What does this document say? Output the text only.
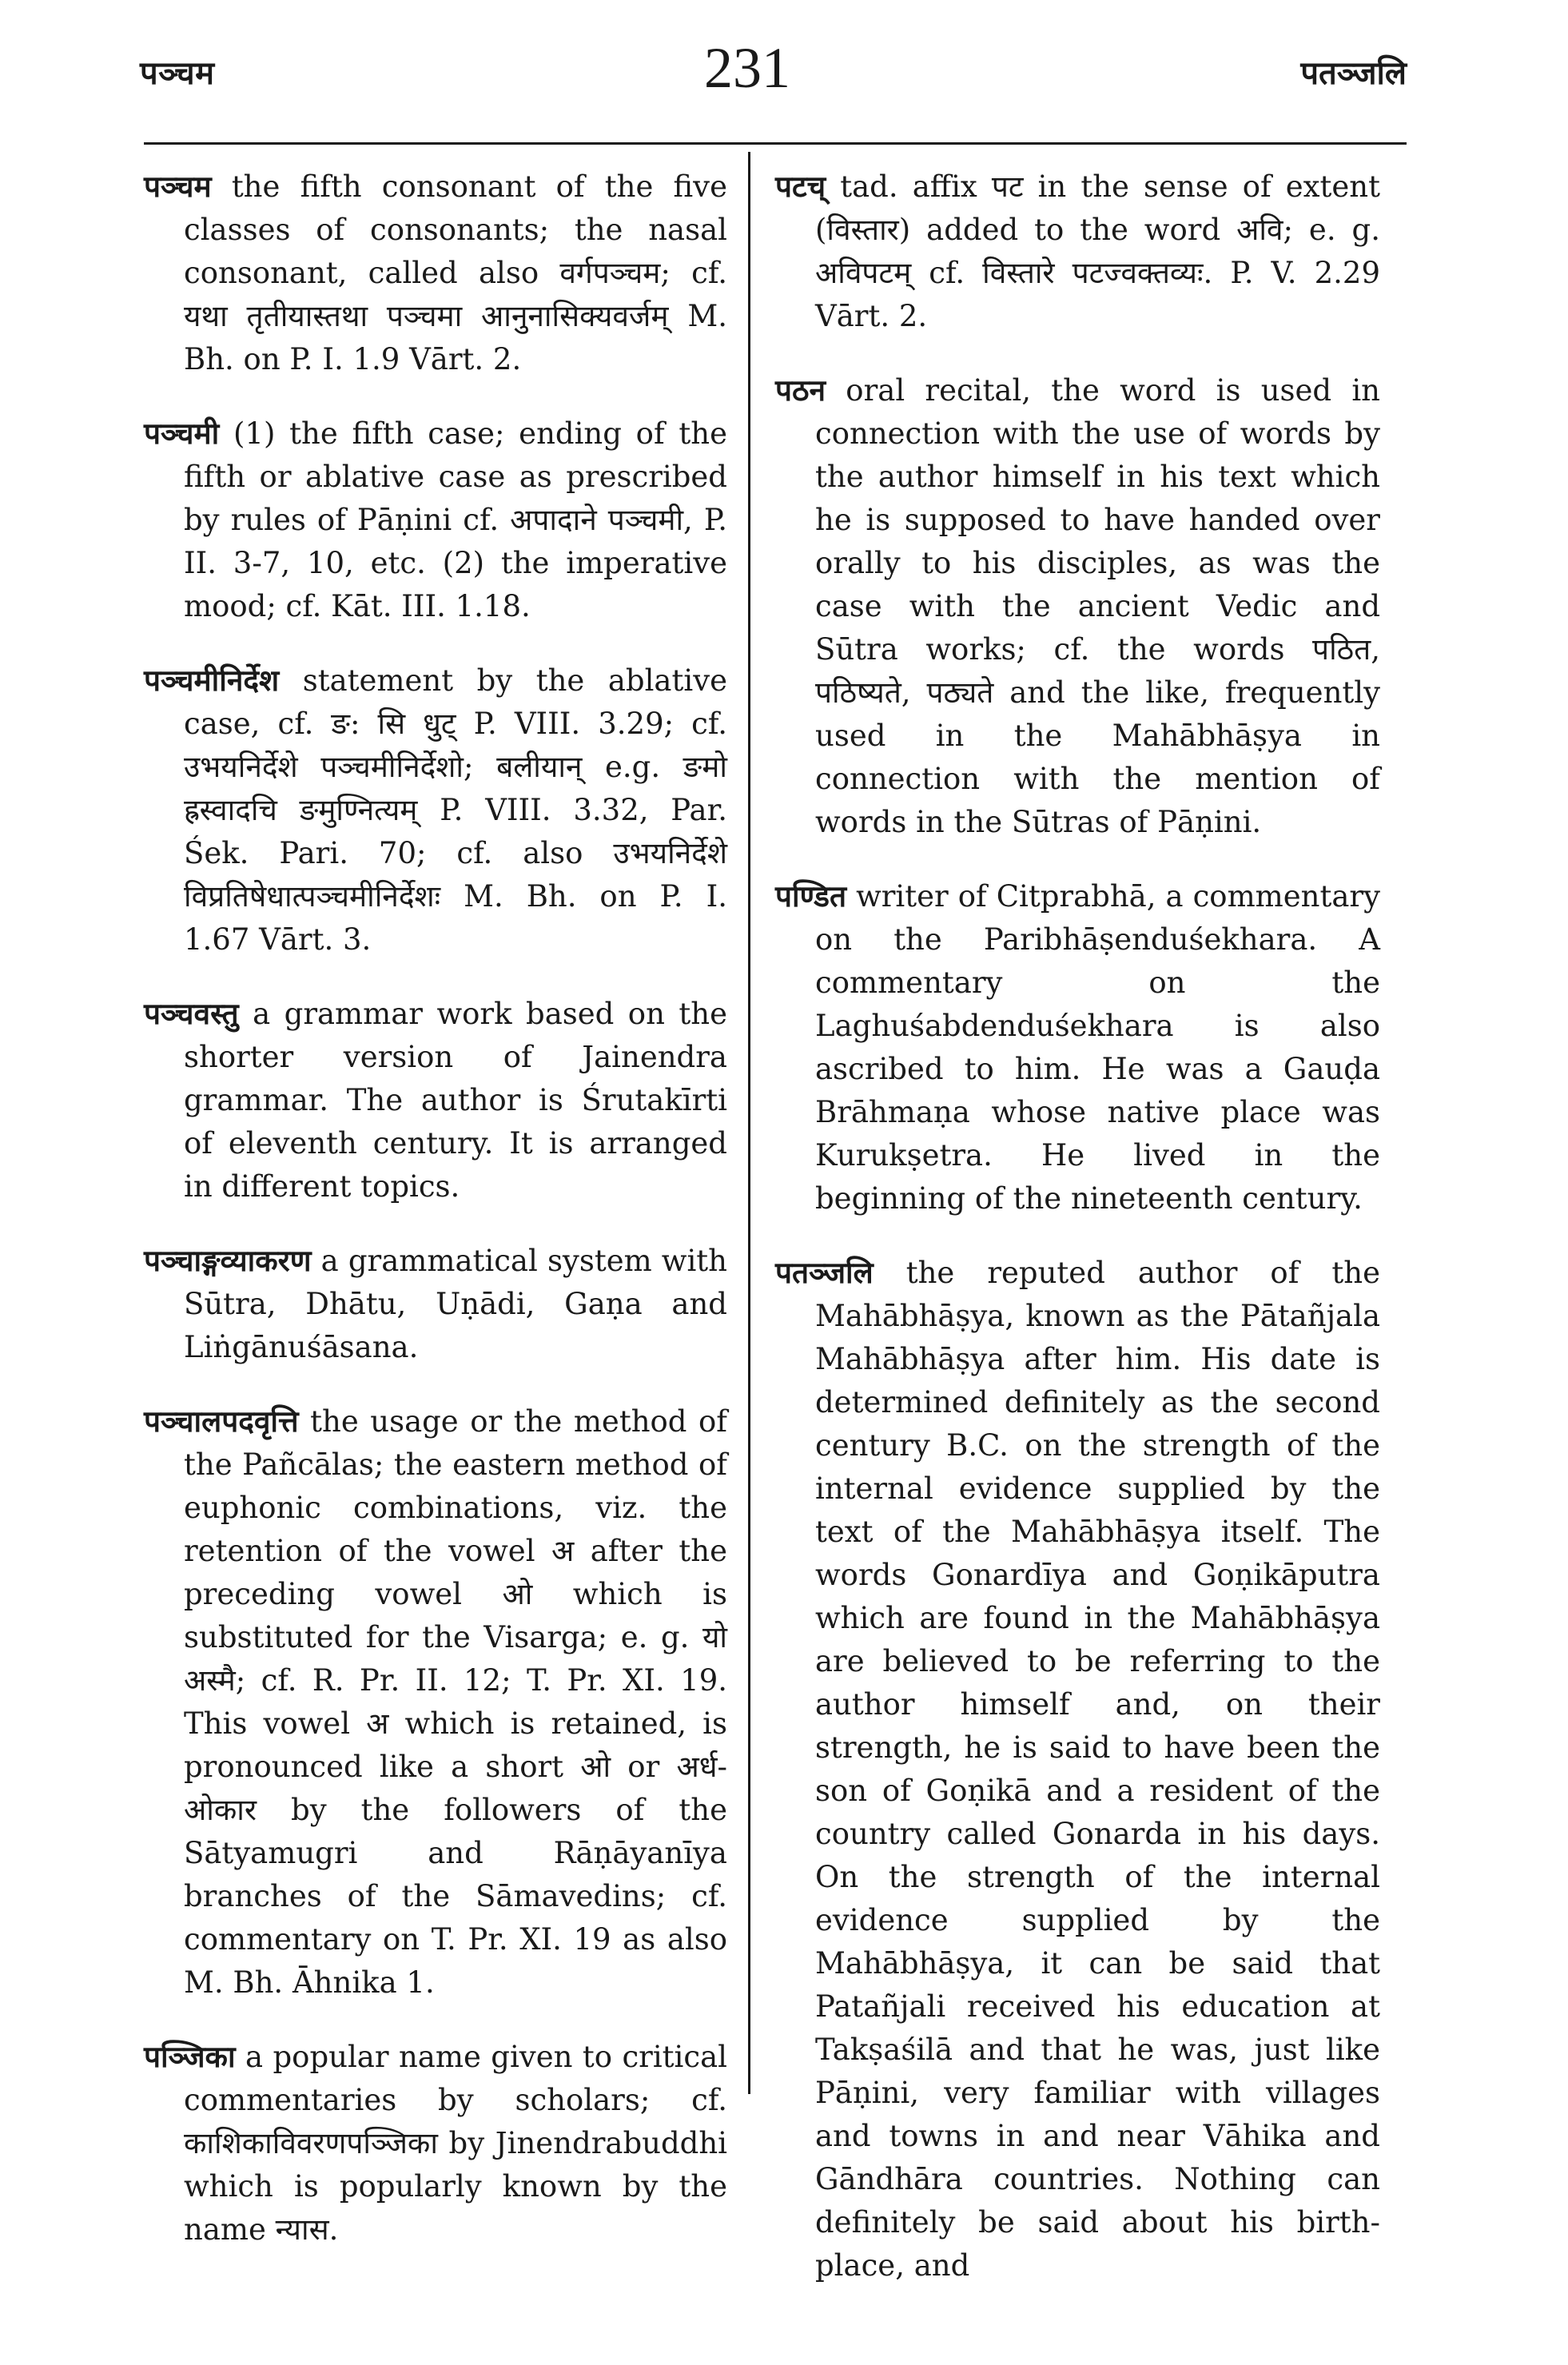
पञ्चम	231	पतञ्जलि

पञ्चम the fifth consonant of the five classes of consonants; the nasal consonant, called also वर्गपञ्चम; cf. यथा तृतीयास्तथा पञ्चमा आनुनासिक्यवर्जम् M. Bh. on P. I. 1.9 Vārt. 2.

पञ्चमी (1) the fifth case; ending of the fifth or ablative case as prescribed by rules of Pāṇini cf. अपादाने पञ्चमी, P. II. 3-7, 10, etc. (2) the imperative mood; cf. Kāt. III. 1.18.

पञ्चमीनिर्देश statement by the ablative case, cf. ङ: सि धुट् P. VIII. 3.29; cf. उभयनिर्देशे पञ्चमीनिर्देशो; बलीयान् e.g. ङमो ह्रस्वादचि ङमुण्नित्यम् P. VIII. 3.32, Par. Śek. Pari. 70; cf. also उभयनिर्देशे विप्रतिषेधात्पञ्चमीनिर्देशः M. Bh. on P. I. 1.67 Vārt. 3.

पञ्चवस्तु a grammar work based on the shorter version of Jainendra grammar. The author is Śrutakīrti of eleventh century. It is arranged in different topics.

पञ्चाङ्गव्याकरण a grammatical system with Sūtra, Dhātu, Uṇādi, Gaṇa and Liṅgānuśāsana.

पञ्चालपदवृत्ति the usage or the method of the Pañcālas; the eastern method of euphonic combinations, viz. the retention of the vowel अ after the preceding vowel ओ which is substituted for the Visarga; e. g. यो अस्मै; cf. R. Pr. II. 12; T. Pr. XI. 19. This vowel अ which is retained, is pronounced like a short ओ or अर्ध-ओकार by the followers of the Sātyamugri and Rāṇāyanīya branches of the Sāmavedins; cf. commentary on T. Pr. XI. 19 as also M. Bh. Āhnika 1.

पञ्जिका a popular name given to critical commentaries by scholars; cf. काशिकाविवरणपञ्जिका by Jinendrabuddhi which is popularly known by the name न्यास.

पटच् tad. affix पट in the sense of extent (विस्तार) added to the word अवि; e. g. अविपटम् cf. विस्तारे पटज्वक्तव्यः. P. V. 2.29 Vārt. 2.

पठन oral recital, the word is used in connection with the use of words by the author himself in his text which he is supposed to have handed over orally to his disciples, as was the case with the ancient Vedic and Sūtra works; cf. the words पठित, पठिष्यते, पठ्यते and the like, frequently used in the Mahābhāṣya in connection with the mention of words in the Sūtras of Pāṇini.

पण्डित writer of Citprabhā, a commentary on the Paribhāṣenduśekhara. A commentary on the Laghuśabdenduśekhara is also ascribed to him. He was a Gauḍa Brāhmaṇa whose native place was Kurukṣetra. He lived in the beginning of the nineteenth century.

पतञ्जलि the reputed author of the Mahābhāṣya, known as the Pātañjala Mahābhāṣya after him. His date is determined definitely as the second century B.C. on the strength of the internal evidence supplied by the text of the Mahābhāṣya itself. The words Gonardīya and Goṇikāputra which are found in the Mahābhāṣya are believed to be referring to the author himself and, on their strength, he is said to have been the son of Goṇikā and a resident of the country called Gonarda in his days. On the strength of the internal evidence supplied by the Mahābhāṣya, it can be said that Patañjali received his education at Takṣaśilā and that he was, just like Pāṇini, very familiar with villages and towns in and near Vāhika and Gāndhāra countries. Nothing can definitely be said about his birth-place, and
